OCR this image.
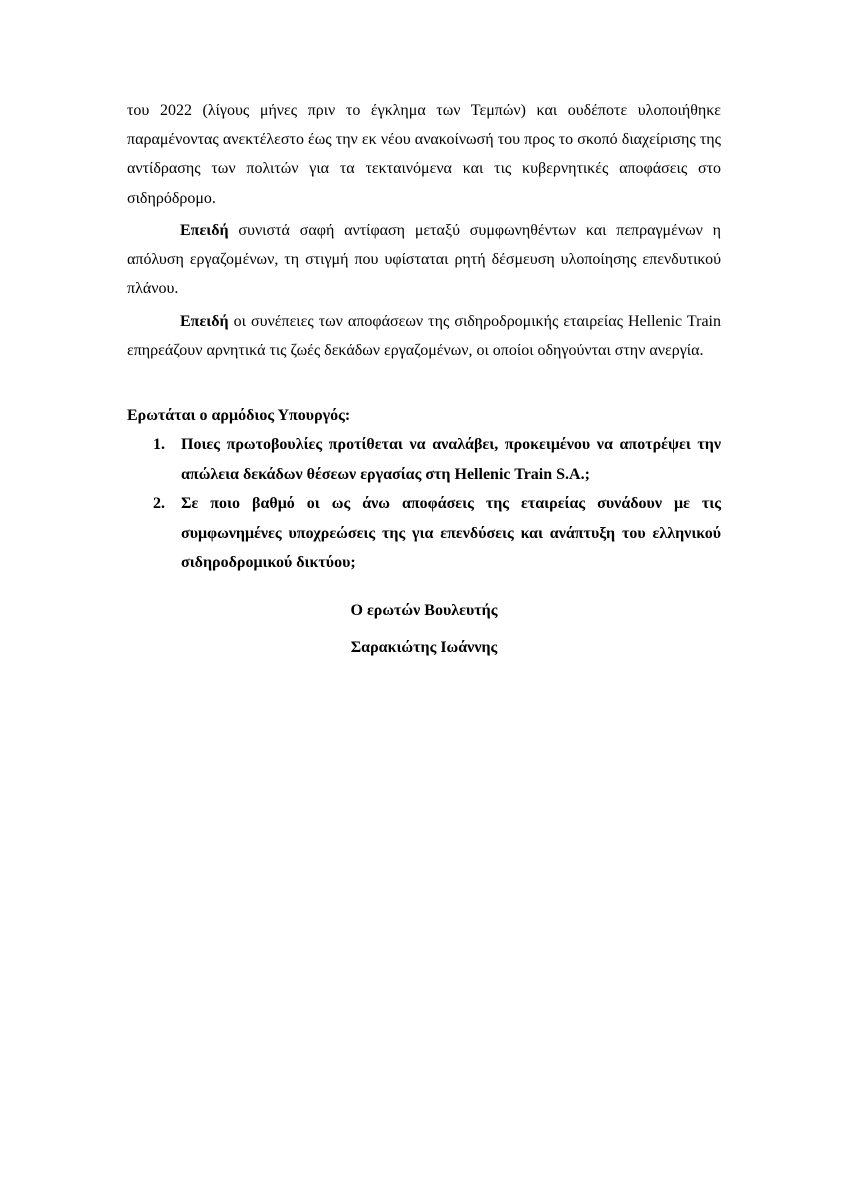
του 2022 (λίγους μήνες πριν το έγκλημα των Τεμπών) και ουδέποτε υλοποιήθηκε παραμένοντας ανεκτέλεστο έως την εκ νέου ανακοίνωσή του προς το σκοπό διαχείρισης της αντίδρασης των πολιτών για τα τεκταινόμενα και τις κυβερνητικές αποφάσεις στο σιδηρόδρομο.

Επειδή συνιστά σαφή αντίφαση μεταξύ συμφωνηθέντων και πεπραγμένων η απόλυση εργαζομένων, τη στιγμή που υφίσταται ρητή δέσμευση υλοποίησης επενδυτικού πλάνου.

Επειδή οι συνέπειες των αποφάσεων της σιδηροδρομικής εταιρείας Hellenic Train επηρεάζουν αρνητικά τις ζωές δεκάδων εργαζομένων, οι οποίοι οδηγούνται στην ανεργία.

Ερωτάται ο αρμόδιος Υπουργός:

1. Ποιες πρωτοβουλίες προτίθεται να αναλάβει, προκειμένου να αποτρέψει την απώλεια δεκάδων θέσεων εργασίας στη Hellenic Train S.A.;
2. Σε ποιο βαθμό οι ως άνω αποφάσεις της εταιρείας συνάδουν με τις συμφωνημένες υποχρεώσεις της για επενδύσεις και ανάπτυξη του ελληνικού σιδηροδρομικού δικτύου;

Ο ερωτών Βουλευτής

Σαρακιώτης Ιωάννης
